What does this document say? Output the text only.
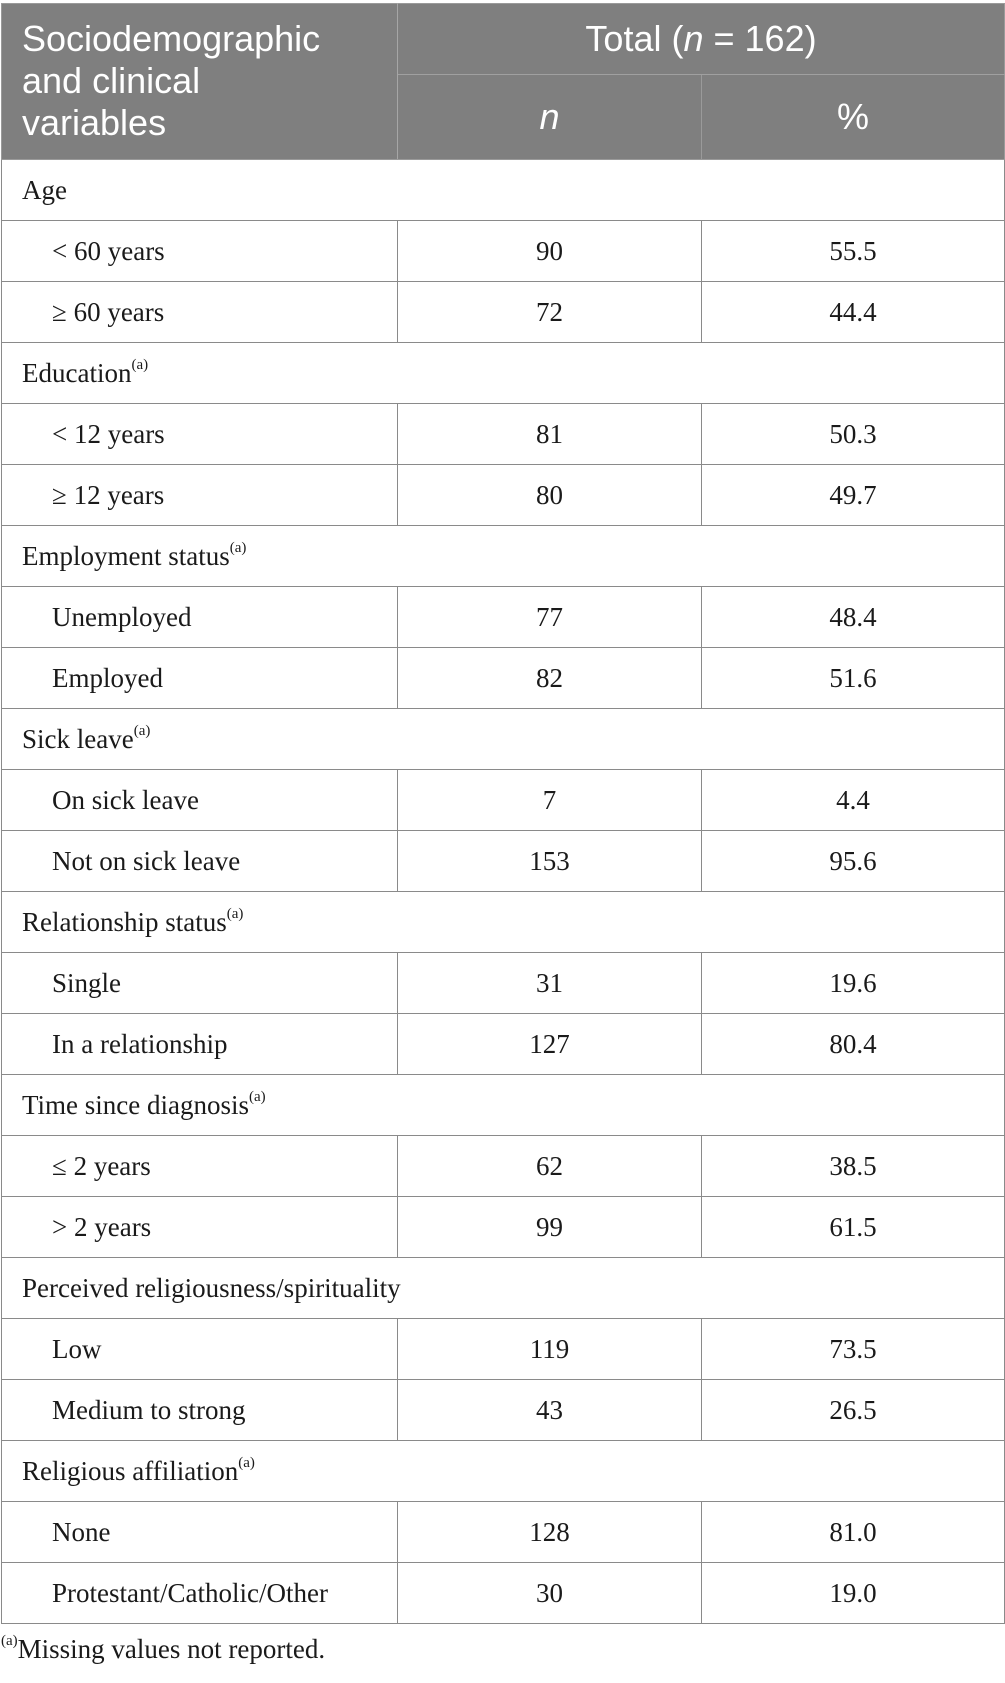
Sociodemographic
and clinical
variables	Total (n = 162)	
	n	%
Age		
< 60 years	90	55.5
≥ 60 years	72	44.4
Education$^{(a)}$
< 12 years	81	50.3
≥ 12 years	80	49.7
Employment status$^{(a)}$
Unemployed	77	48.4
Employed	82	51.6
Sick leave$^{(a)}$
On sick leave	7	4.4
Not on sick leave	153	95.6
Relationship status$^{(a)}$
Single	31	19.6
In a relationship	127	80.4
Time since diagnosis$^{(a)}$
≤ 2 years	62	38.5
> 2 years	99	61.5
Perceived religiousness/spirituality		
Low	119	73.5
Medium to strong	43	26.5
Religious affiliation$^{(a)}$
None	128	81.0
Protestant/Catholic/Other	30	19.0
$^{(a)}$Missing values not reported.
